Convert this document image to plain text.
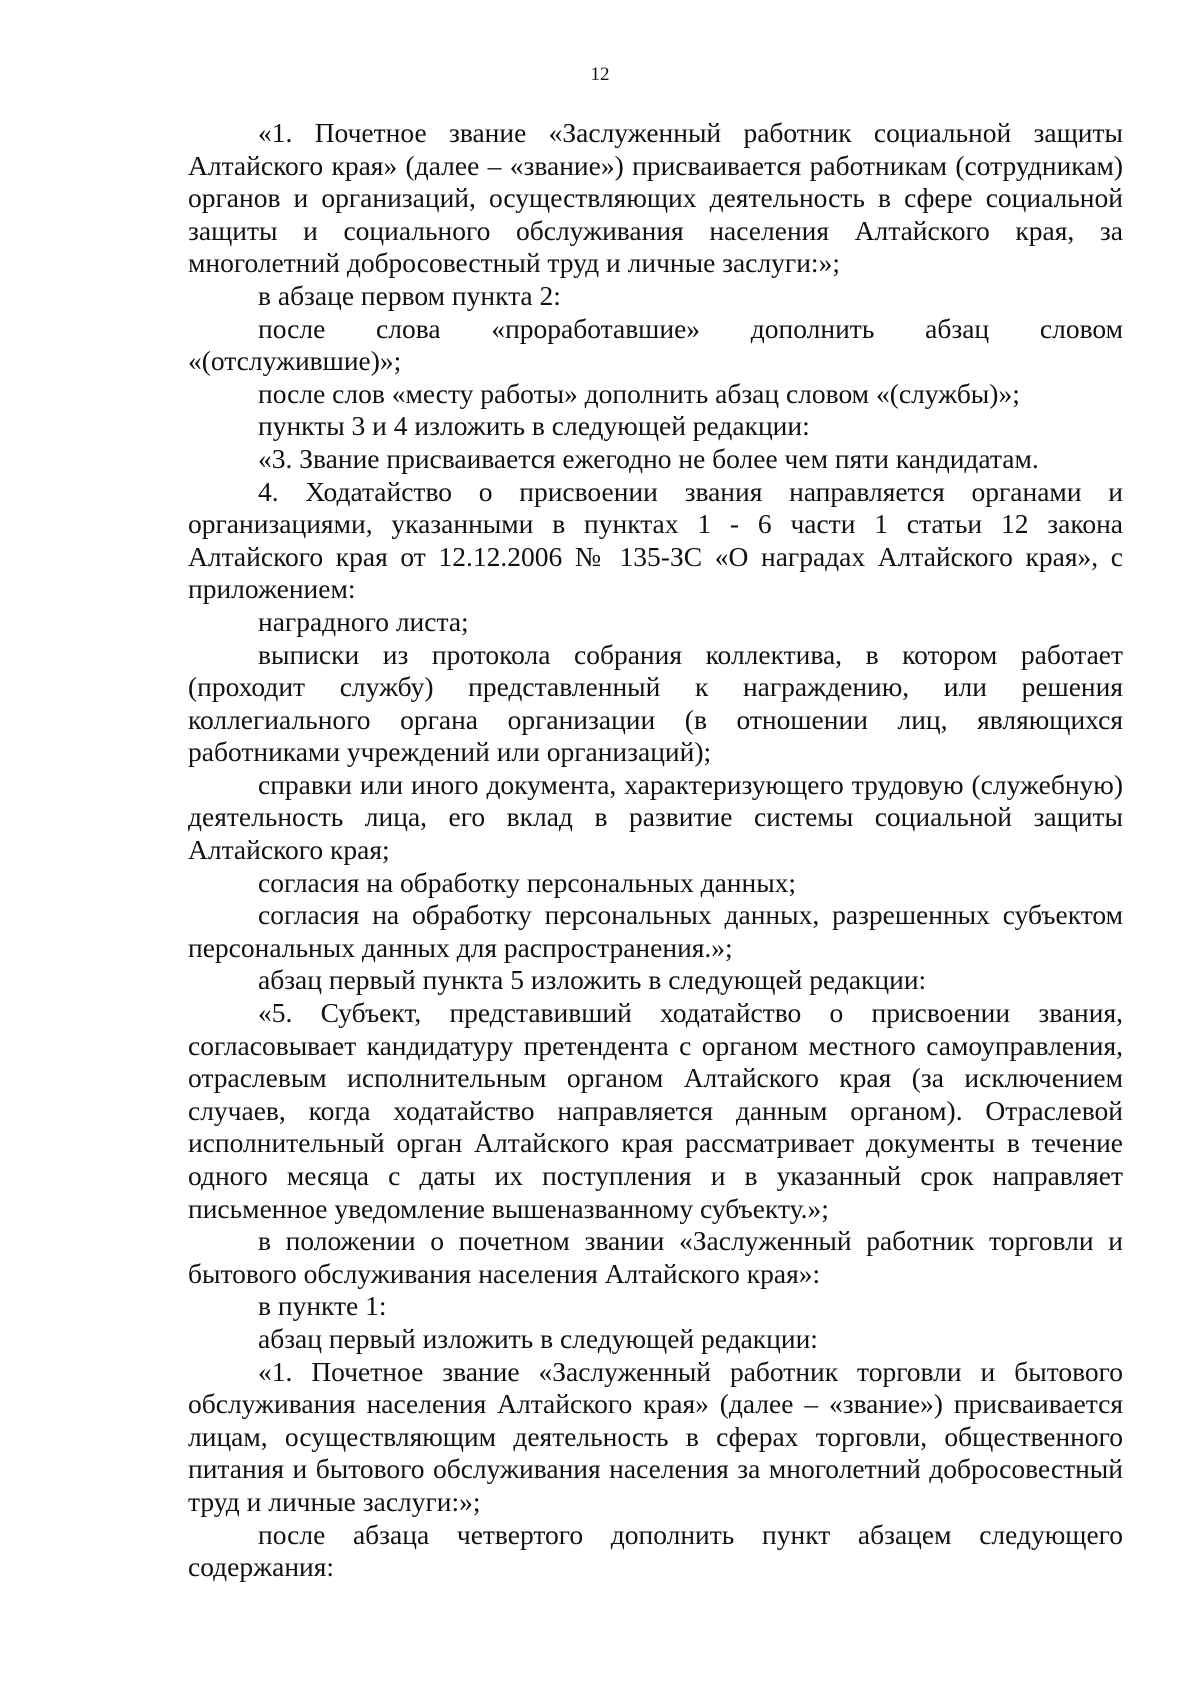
12

«1. Почетное звание «Заслуженный работник социальной защиты Алтайского края» (далее – «звание») присваивается работникам (сотрудникам) органов и организаций, осуществляющих деятельность в сфере социальной защиты и социального обслуживания населения Алтайского края, за многолетний добросовестный труд и личные заслуги:»;

в абзаце первом пункта 2:

после слова «проработавшие» дополнить абзац словом «(отслужившие)»;

после слов «месту работы» дополнить абзац словом «(службы)»;

пункты 3 и 4 изложить в следующей редакции:

«3. Звание присваивается ежегодно не более чем пяти кандидатам.

4. Ходатайство о присвоении звания направляется органами и организациями, указанными в пунктах 1 - 6 части 1 статьи 12 закона Алтайского края от 12.12.2006 № 135-ЗС «О наградах Алтайского края», с приложением:

наградного листа;

выписки из протокола собрания коллектива, в котором работает (проходит службу) представленный к награждению, или решения коллегиального органа организации (в отношении лиц, являющихся работниками учреждений или организаций);

справки или иного документа, характеризующего трудовую (служебную) деятельность лица, его вклад в развитие системы социальной защиты Алтайского края;

согласия на обработку персональных данных;

согласия на обработку персональных данных, разрешенных субъектом персональных данных для распространения.»;

абзац первый пункта 5 изложить в следующей редакции:

«5. Субъект, представивший ходатайство о присвоении звания, согласовывает кандидатуру претендента с органом местного самоуправления, отраслевым исполнительным органом Алтайского края (за исключением случаев, когда ходатайство направляется данным органом). Отраслевой исполнительный орган Алтайского края рассматривает документы в течение одного месяца с даты их поступления и в указанный срок направляет письменное уведомление вышеназванному субъекту.»;

в положении о почетном звании «Заслуженный работник торговли и бытового обслуживания населения Алтайского края»:

в пункте 1:

абзац первый изложить в следующей редакции:

«1. Почетное звание «Заслуженный работник торговли и бытового обслуживания населения Алтайского края» (далее – «звание») присваивается лицам, осуществляющим деятельность в сферах торговли, общественного питания и бытового обслуживания населения за многолетний добросовестный труд и личные заслуги:»;

после абзаца четвертого дополнить пункт абзацем следующего содержания:
